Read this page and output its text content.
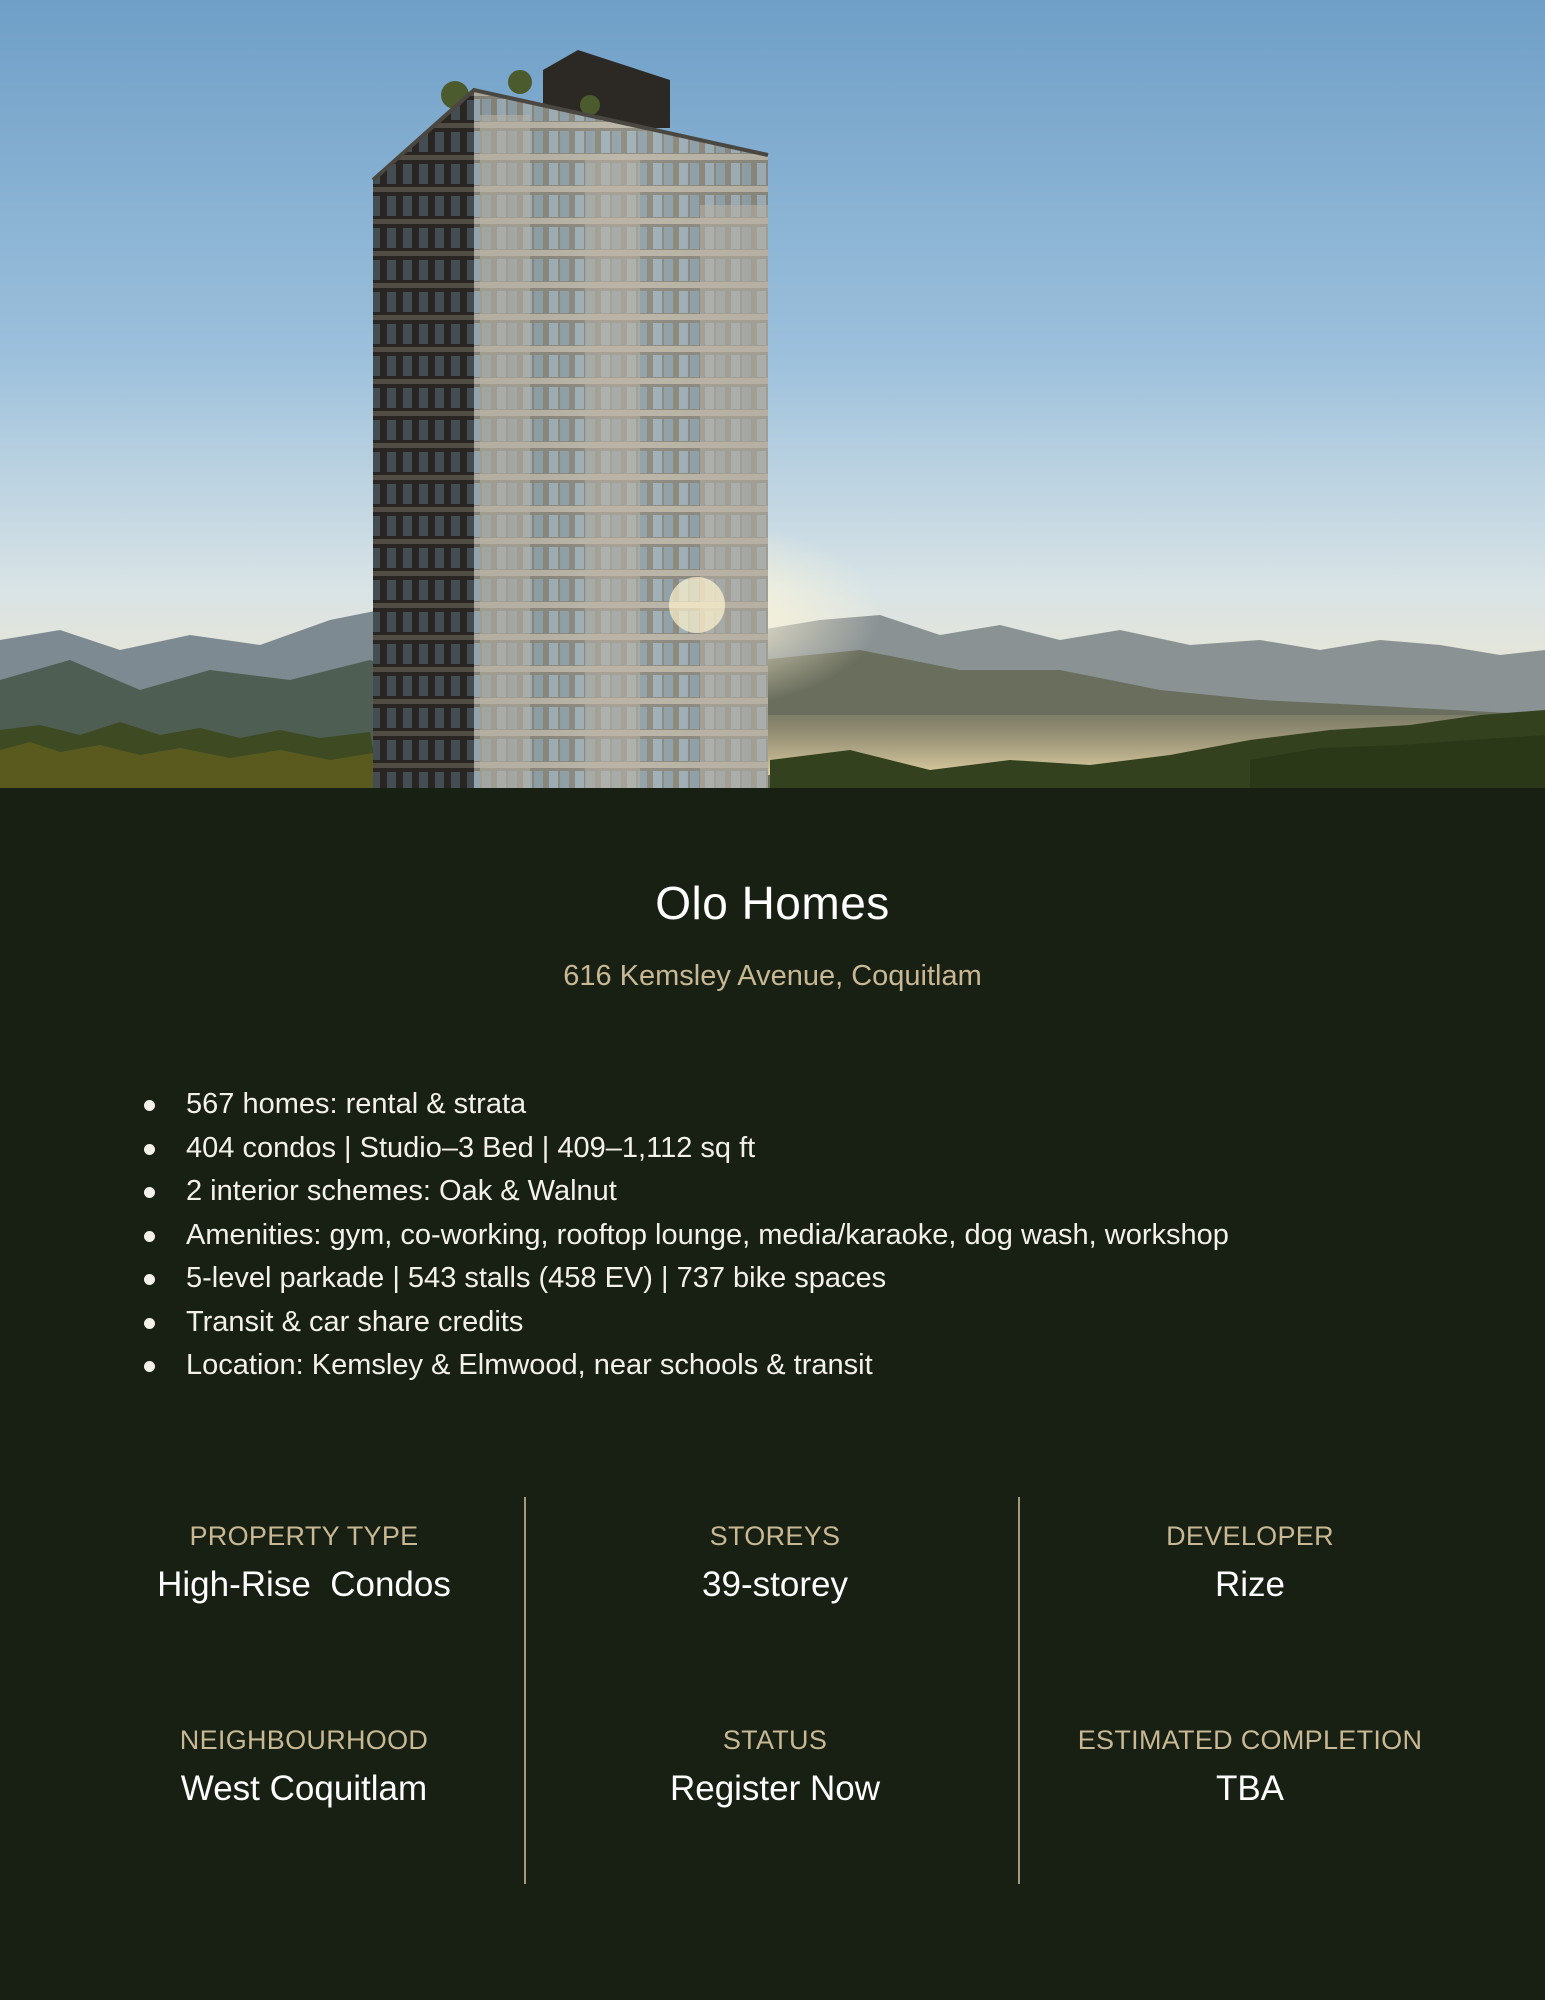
Olo Homes
616 Kemsley Avenue, Coquitlam
567 homes: rental & strata
404 condos | Studio–3 Bed | 409–1,112 sq ft
2 interior schemes: Oak & Walnut
Amenities: gym, co-working, rooftop lounge, media/karaoke, dog wash, workshop
5-level parkade | 543 stalls (458 EV) | 737 bike spaces
Transit & car share credits
Location: Kemsley & Elmwood, near schools & transit
PROPERTY TYPE
High-Rise  Condos
STOREYS
39-storey
DEVELOPER
Rize
NEIGHBOURHOOD
West Coquitlam
STATUS
Register Now
ESTIMATED COMPLETION
TBA
